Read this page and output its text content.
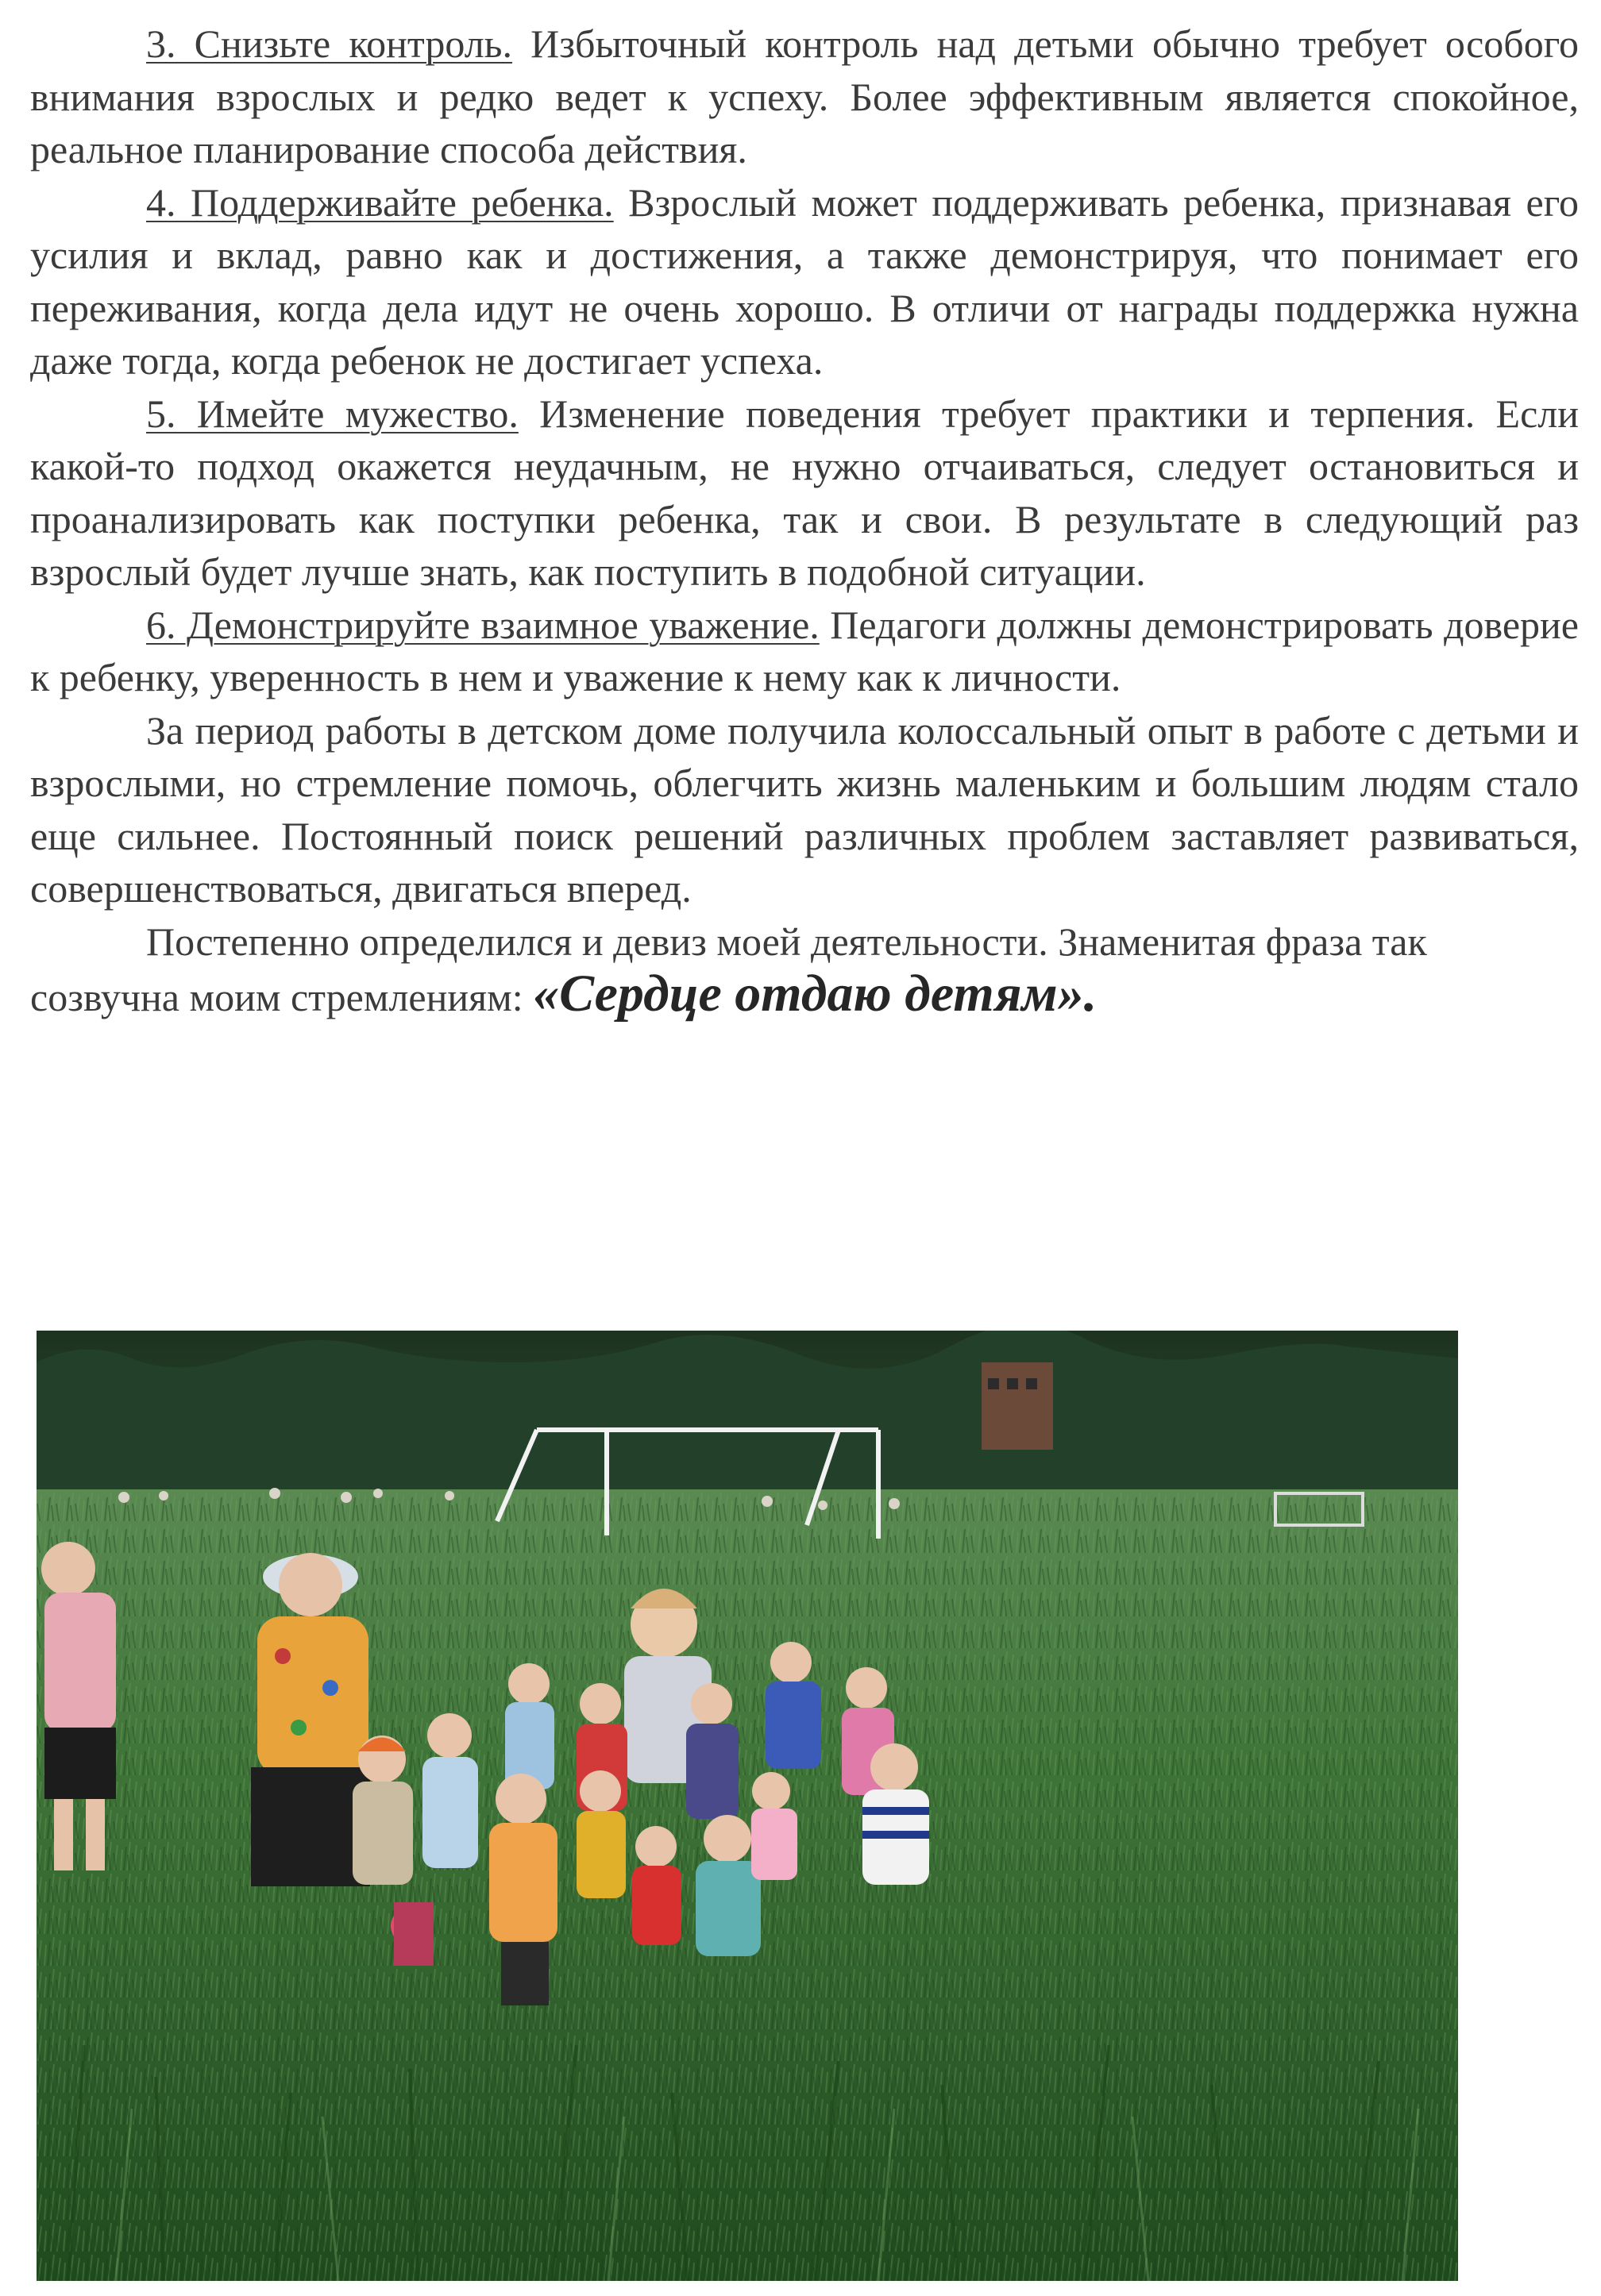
3. Снизьте контроль. Избыточный контроль над детьми обычно требует особого внимания взрослых и редко ведет к успеху. Более эффективным является спокойное, реальное планирование способа действия.

4. Поддерживайте ребенка. Взрослый может поддерживать ребенка, признавая его усилия и вклад, равно как и достижения, а также демонстрируя, что понимает его переживания, когда дела идут не очень хорошо. В отличи от награды поддержка нужна даже тогда, когда ребенок не достигает успеха.

5. Имейте мужество. Изменение поведения требует практики и терпения. Если какой-то подход окажется неудачным, не нужно отчаиваться, следует остановиться и проанализировать как поступки ребенка, так и свои. В результате в следующий раз взрослый будет лучше знать, как поступить в подобной ситуации.

6. Демонстрируйте взаимное уважение. Педагоги должны демонстрировать доверие к ребенку, уверенность в нем и уважение к нему как к личности.

За период работы в детском доме получила колоссальный опыт в работе с детьми и взрослыми, но стремление помочь, облегчить жизнь маленьким и большим людям стало еще сильнее. Постоянный поиск решений различных проблем заставляет развиваться, совершенствоваться, двигаться вперед.

Постепенно определился и девиз моей деятельности. Знаменитая фраза так созвучна моим стремлениям: «Сердце отдаю детям».
